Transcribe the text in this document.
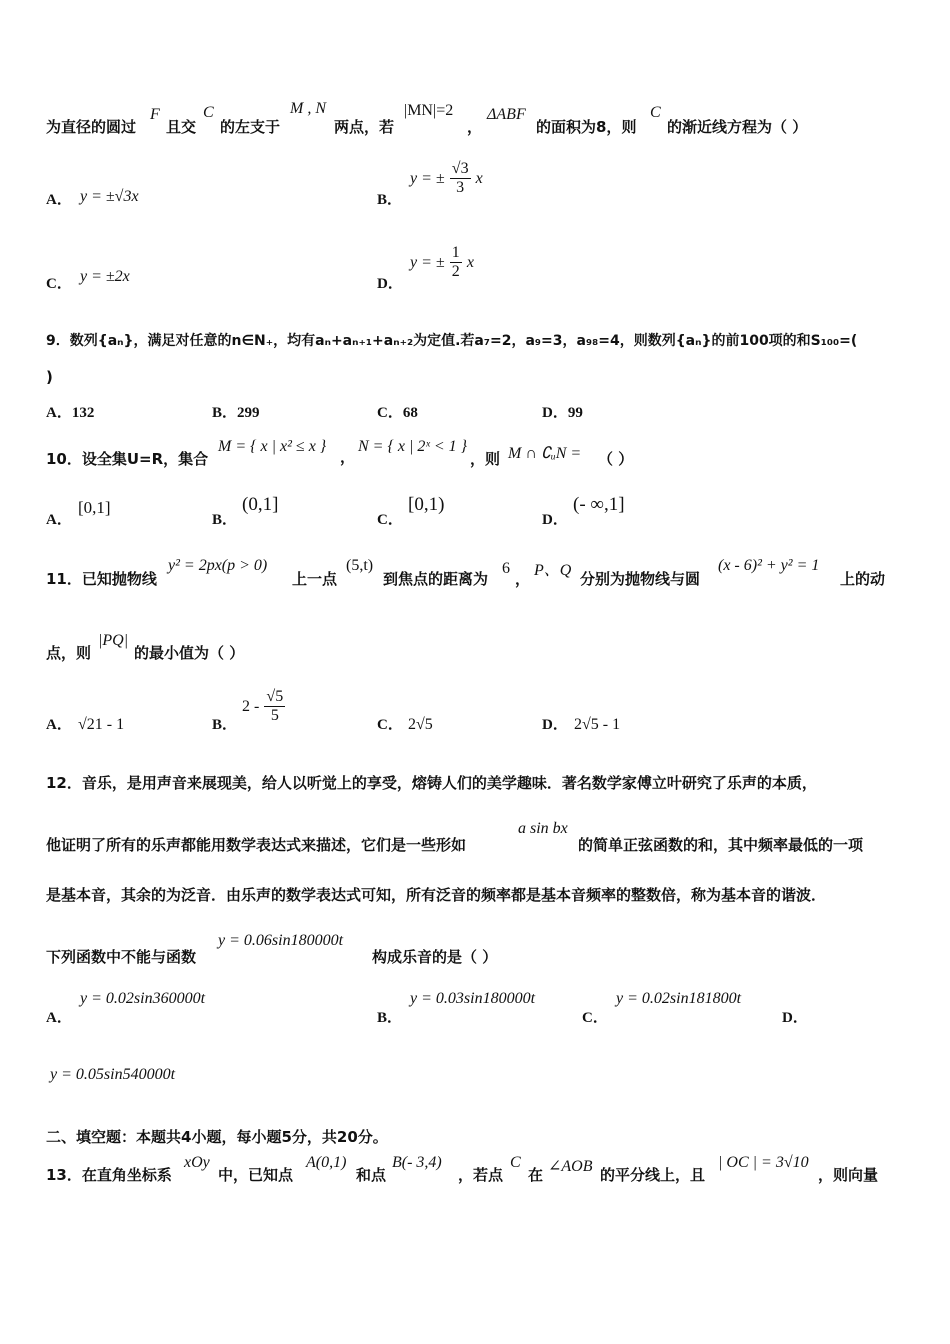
为直径的圆过
F
且交
C
的左支于
M , N
两点，若
|MN|=2
，
ΔABF
的面积为8，则
C
的渐近线方程为（ ）
A． y = ±√3x	B．
y = ± $\frac{√3}{3}$ x
C． y = ±2x	D．
y = ± $\frac{1}{2}$ x
9．数列{aₙ}，满足对任意的n∈N₊，均有aₙ+aₙ₊₁+aₙ₊₂为定值.若a₇=2，a₉=3，a₉₈=4，则数列{aₙ}的前100项的和S₁₀₀=(
)
A．132	B．299	C．68	D．99
10．设全集U=R，集合
M = { x | x² ≤ x }
，
N = { x | 2ˣ < 1 }
，则 M ∩ ∁ᵤN = （ ）
A．
[0,1]
B．
(0,1]
C．
[0,1)
D．
(- ∞,1]
11．已知抛物线
y² = 2px(p > 0)
上一点
(5,t)
到焦点的距离为
6
， P、Q 分别为抛物线与圆
(x - 6)² + y² = 1
上的动
点，则
|PQ|
的最小值为（ ）
A． √21 - 1	B．
$2 - \frac{√5}{5}$	C． 2√5	D． 2√5 - 1
12．音乐，是用声音来展现美，给人以听觉上的享受，熔铸人们的美学趣味．著名数学家傅立叶研究了乐声的本质，
他证明了所有的乐声都能用数学表达式来描述，它们是一些形如
a sin bx
的简单正弦函数的和，其中频率最低的一项
是基本音，其余的为泛音．由乐声的数学表达式可知，所有泛音的频率都是基本音频率的整数倍，称为基本音的谐波．
下列函数中不能与函数
y = 0.06sin180000t
构成乐音的是（ ）
A．
y = 0.02sin360000t
B．
y = 0.03sin180000t
C．
y = 0.02sin181800t
D．
y = 0.05sin540000t
二、填空题：本题共4小题，每小题5分，共20分。
13．在直角坐标系
xOy
中，已知点
A(0,1)
和点
B(- 3,4)
，若点
C
在 ∠AOB 的平分线上，且
| OC | = 3√10
，则向量
